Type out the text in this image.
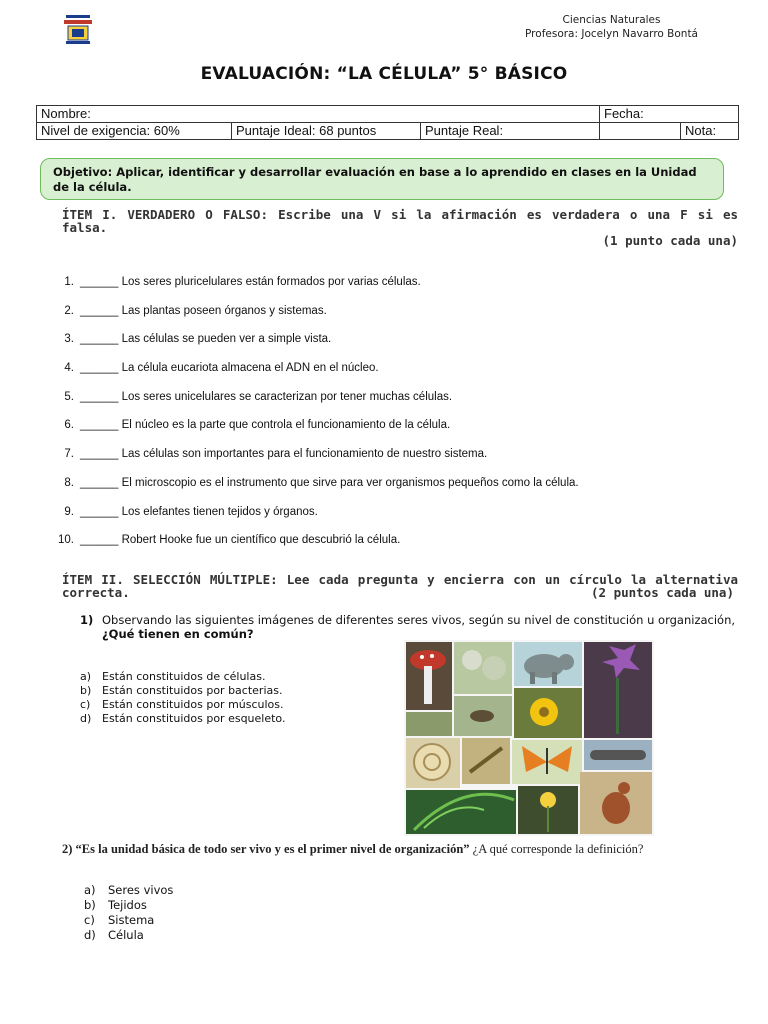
Ciencias Naturales
Profesora: Jocelyn Navarro Bontá
EVALUACIÓN: “LA CÉLULA” 5° BÁSICO
Nombre:			Fecha:	
Nivel de exigencia: 60%	Puntaje Ideal: 68 puntos	Puntaje Real:		Nota:
Objetivo: Aplicar, identificar y desarrollar evaluación en base a lo aprendido en clases en la Unidad de la célula.
ÍTEM I. VERDADERO O FALSO: Escribe una V si la afirmación es verdadera o una F si es falsa.
(1 punto cada una)
1. ______ Los seres pluricelulares están formados por varias células.
2. ______ Las plantas poseen órganos y sistemas.
3. ______ Las células se pueden ver a simple vista.
4. ______ La célula eucariota almacena el ADN en el núcleo.
5. ______ Los seres unicelulares se caracterizan por tener muchas células.
6. ______ El núcleo es la parte que controla el funcionamiento de la célula.
7. ______ Las células son importantes para el funcionamiento de nuestro sistema.
8. ______ El microscopio es el instrumento que sirve para ver organismos pequeños como la célula.
9. ______ Los elefantes tienen tejidos y órganos.
10. ______ Robert Hooke fue un científico que descubrió la célula.
ÍTEM II. SELECCIÓN MÚLTIPLE: Lee cada pregunta y encierra con un círculo la alternativa correcta.	(2 puntos cada una)
1) Observando las siguientes imágenes de diferentes seres vivos, según su nivel de constitución u organización,
¿Qué tienen en común?
a) Están constituidos de células.
b) Están constituidos por bacterias.
c) Están constituidos por músculos.
d) Están constituidos por esqueleto.
2) “Es la unidad básica de todo ser vivo y es el primer nivel de organización” ¿A qué corresponde la definición?
a) Seres vivos
b) Tejidos
c) Sistema
d) Célula
